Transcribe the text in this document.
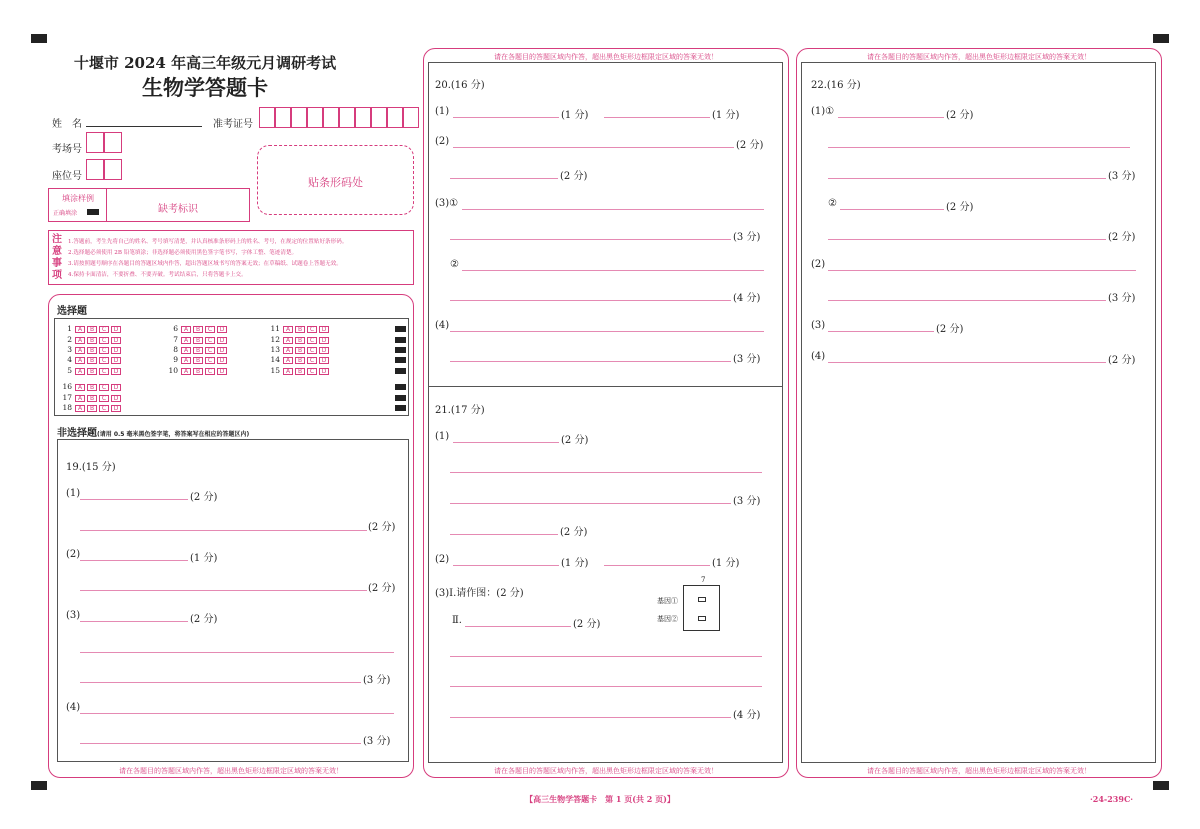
十堰市 2024 年高三年级元月调研考试
生物学答题卡
姓　名	准考证号
考场号
座位号	贴条形码处
填涂样例
正确填涂	缺考标识
注
意
事
项
1.答题前，考生先将自己的姓名、考号填写清楚，并认真核准条形码上的姓名、考号，在规定的位置贴好条形码。
2.选择题必须使用 2B 铅笔填涂；非选择题必须使用黑色签字笔书写，字体工整、笔迹清楚。
3.请按照题号顺序在各题目的答题区域内作答，超出答题区域书写的答案无效；在草稿纸、试题卷上答题无效。
4.保持卡面清洁，不要折叠、不要弄破。考试结束后，只将答题卡上交。
选择题
1 A B C D
2 A B C D
3 A B C D
4 A B C D
5 A B C D
6 A B C D
7 A B C D
8 A B C D
9 A B C D
10 A B C D
11 A B C D
12 A B C D
13 A B C D
14 A B C D
15 A B C D
16 A B C D
17 A B C D
18 A B C D
非选择题(请用 0.5 毫米黑色签字笔，将答案写在相应的答题区内)
19.(15 分)
(1)	(2 分)
(2 分)
(2)	(1 分)
(2 分)
(3)	(2 分)
(3 分)
(4)
(3 分)
请在各题目的答题区域内作答，超出黑色矩形边框限定区域的答案无效！
请在各题目的答题区域内作答，超出黑色矩形边框限定区域的答案无效！
请在各题目的答题区域内作答，超出黑色矩形边框限定区域的答案无效！
20.(16 分)
(1)	(1 分)	(1 分)
(2)	(2 分)
(2 分)
(3)①
(3 分)
②
(4 分)
(4)
(3 分)
21.(17 分)
(1)	(2 分)
(3 分)
(2 分)
(2)	(1 分)	(1 分)
(3)Ⅰ.请作图：(2 分)
Ⅱ.	(2 分)
(4 分)
7
基因①
基因②
请在各题目的答题区域内作答，超出黑色矩形边框限定区域的答案无效！
请在各题目的答题区域内作答，超出黑色矩形边框限定区域的答案无效！
22.(16 分)
(1)①	(2 分)
(3 分)
②	(2 分)
(2 分)
(2)
(3 分)
(3)	(2 分)
(4)	(2 分)
【高三生物学答题卡　第 1 页(共 2 页)】	·24-239C·
